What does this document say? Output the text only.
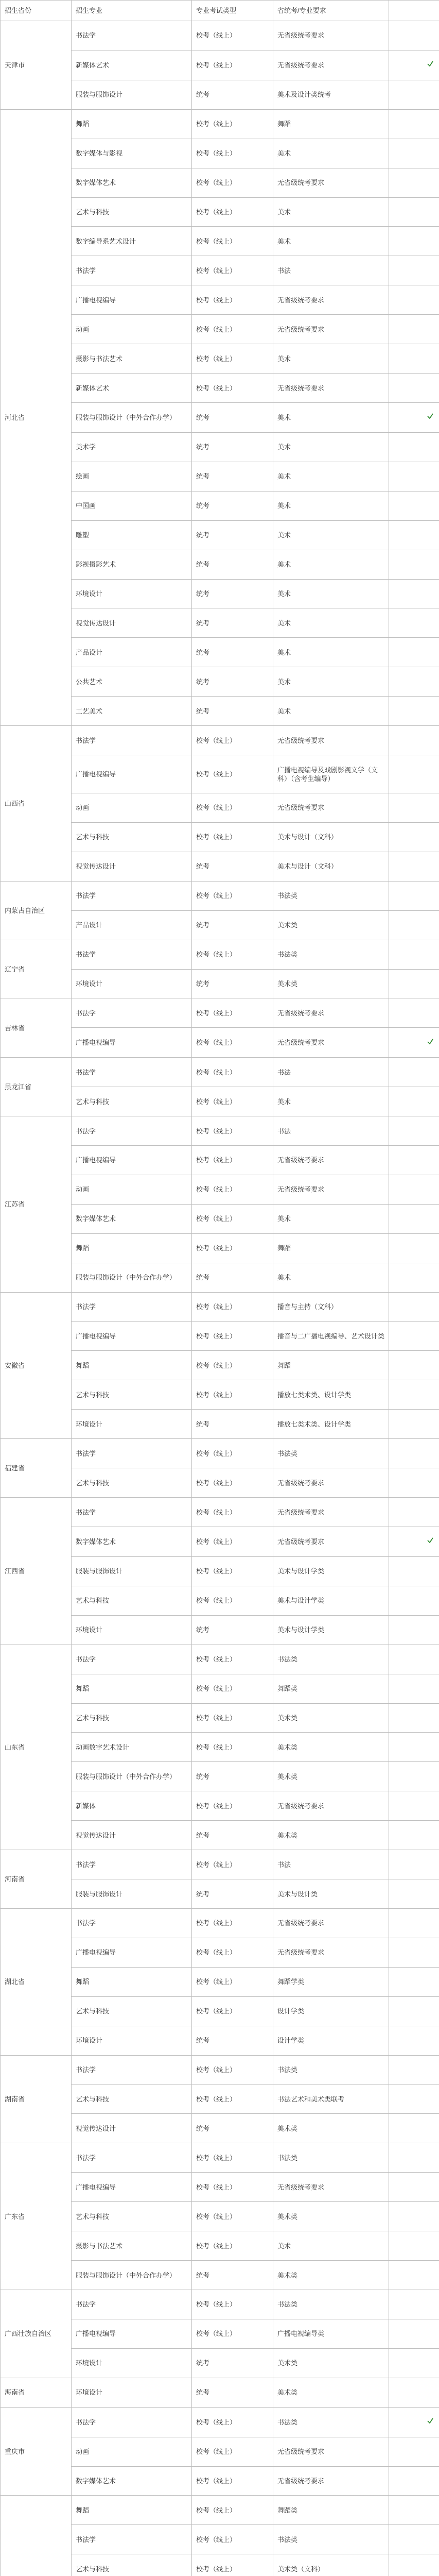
招生省份	招生专业	专业考试类型	省统考/专业要求	
天津市	书法学	校考（线上）	无省级统考要求	
	新媒体艺术	校考（线上）	无省级统考要求	
	服装与服饰设计	统考	美术及设计类统考	
河北省	舞蹈	校考（线上）	舞蹈	
	数字媒体与影视	校考（线上）	美术	
	数字媒体艺术	校考（线上）	无省级统考要求	
	艺术与科技	校考（线上）	美术	
	数字编导系艺术设计	校考（线上）	美术	
	书法学	校考（线上）	书法	
	广播电视编导	校考（线上）	无省级统考要求	
	动画	校考（线上）	无省级统考要求	
	摄影与书法艺术	校考（线上）	美术	
	新媒体艺术	校考（线上）	无省级统考要求	
	服装与服饰设计（中外合作办学）	统考	美术	
	美术学	统考	美术	
	绘画	统考	美术	
	中国画	统考	美术	
	雕塑	统考	美术	
	影视摄影艺术	统考	美术	
	环境设计	统考	美术	
	视觉传达设计	统考	美术	
	产品设计	统考	美术	
	公共艺术	统考	美术	
	工艺美术	统考	美术	
山西省	书法学	校考（线上）	无省级统考要求	
	广播电视编导	校考（线上）	广播电视编导及戏剧影视文学（文科）（含考生编导）	
	动画	校考（线上）	无省级统考要求	
	艺术与科技	校考（线上）	美术与设计（文科）	
	视觉传达设计	统考	美术与设计（文科）	
内蒙古自治区	书法学	校考（线上）	书法类	
	产品设计	统考	美术类	
辽宁省	书法学	校考（线上）	书法类	
	环境设计	统考	美术类	
吉林省	书法学	校考（线上）	无省级统考要求	
	广播电视编导	校考（线上）	无省级统考要求	
黑龙江省	书法学	校考（线上）	书法	
	艺术与科技	校考（线上）	美术	
江苏省	书法学	校考（线上）	书法	
	广播电视编导	校考（线上）	无省级统考要求	
	动画	校考（线上）	无省级统考要求	
	数字媒体艺术	校考（线上）	美术	
	舞蹈	校考（线上）	舞蹈	
	服装与服饰设计（中外合作办学）	统考	美术	
安徽省	书法学	校考（线上）	播音与主持（文科）	
	广播电视编导	校考（线上）	播音与二广播电视编导、艺术设计类	
	舞蹈	校考（线上）	舞蹈	
	艺术与科技	校考（线上）	播放七类术类、设计学类	
	环境设计	统考	播放七类术类、设计学类	
福建省	书法学	校考（线上）	书法类	
	艺术与科技	校考（线上）	无省级统考要求	
江西省	书法学	校考（线上）	无省级统考要求	
	数字媒体艺术	校考（线上）	无省级统考要求	
	服装与服饰设计	校考（线上）	美术与设计学类	
	艺术与科技	校考（线上）	美术与设计学类	
	环境设计	统考	美术与设计学类	
山东省	书法学	校考（线上）	书法类	
	舞蹈	校考（线上）	舞蹈类	
	艺术与科技	校考（线上）	美术类	
	动画数字艺术设计	校考（线上）	美术类	
	服装与服饰设计（中外合作办学）	统考	美术类	
	新媒体	校考（线上）	无省级统考要求	
	视觉传达设计	统考	美术类	
河南省	书法学	校考（线上）	书法	
	服装与服饰设计	统考	美术与设计类	
湖北省	书法学	校考（线上）	无省级统考要求	
	广播电视编导	校考（线上）	无省级统考要求	
	舞蹈	校考（线上）	舞蹈学类	
	艺术与科技	校考（线上）	设计学类	
	环境设计	统考	设计学类	
湖南省	书法学	校考（线上）	书法类	
	艺术与科技	校考（线上）	书法艺术和美术类联考	
	视觉传达设计	统考	美术类	
广东省	书法学	校考（线上）	书法类	
	广播电视编导	校考（线上）	无省级统考要求	
	艺术与科技	校考（线上）	美术类	
	摄影与书法艺术	校考（线上）	美术	
	服装与服饰设计（中外合作办学）	统考	美术类	
广西壮族自治区	书法学	校考（线上）	书法类	
	广播电视编导	校考（线上）	广播电视编导类	
	环境设计	统考	美术类	
海南省	环境设计	统考	美术类	
重庆市	书法学	校考（线上）	书法类	
	动画	校考（线上）	无省级统考要求	
	数字媒体艺术	校考（线上）	无省级统考要求	
	舞蹈	校考（线上）	舞蹈类	
	书法学	校考（线上）	书法类	
	艺术与科技	校考（线上）	美术类（文科）	
